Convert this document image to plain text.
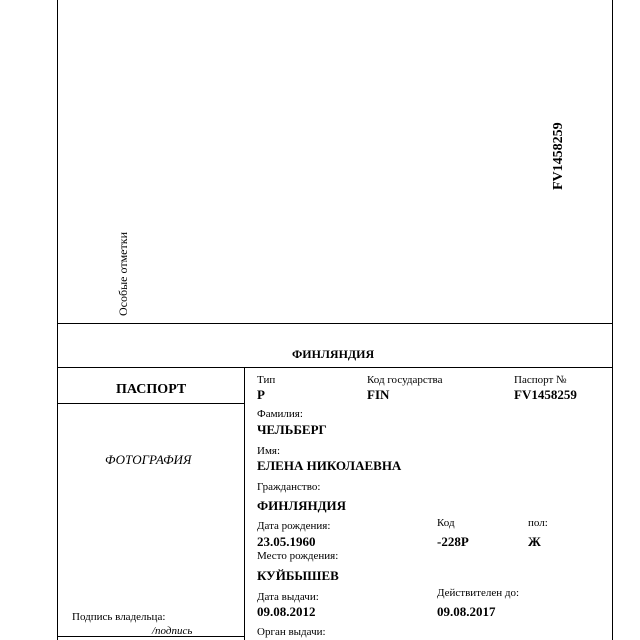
Особые отметки
FV1458259
ФИНЛЯНДИЯ
ПАСПОРТ
ФОТОГРАФИЯ
Подпись владельца:
/подпись
Тип
P
Код государства
FIN
Паспорт №
FV1458259
Фамилия:
ЧЕЛЬБЕРГ
Имя:
ЕЛЕНА НИКОЛАЕВНА
Гражданство:
ФИНЛЯНДИЯ
Дата рождения:
23.05.1960
Код
-228P
пол:
Ж
Место рождения:
КУЙБЫШЕВ
Дата выдачи:
09.08.2012
Действителен до:
09.08.2017
Орган выдачи:
